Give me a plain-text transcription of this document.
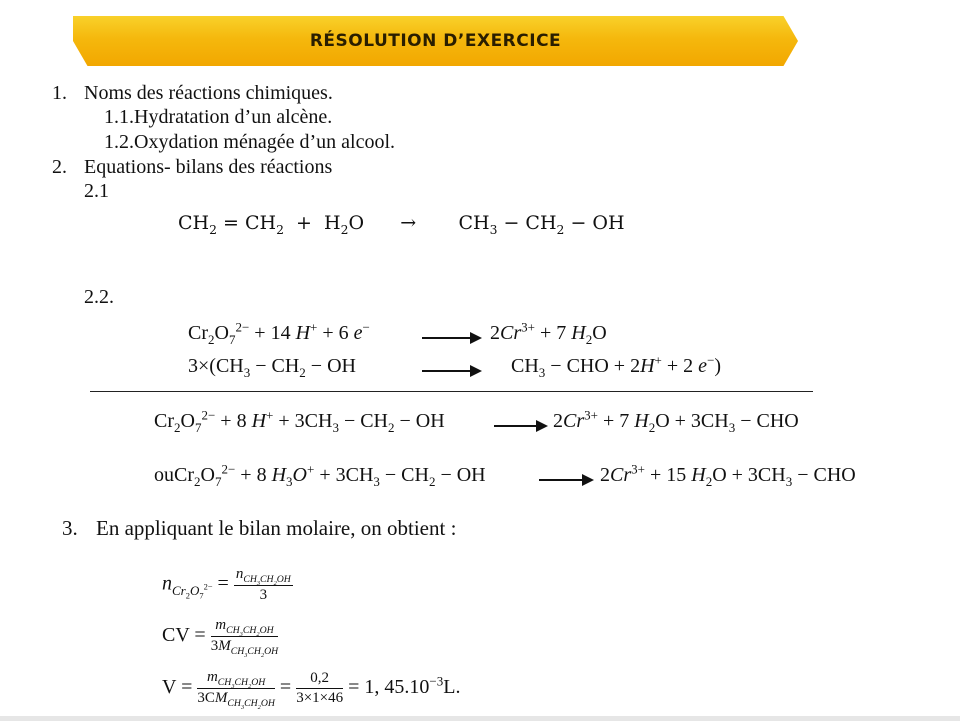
RÉSOLUTION D’EXERCICE
1. Noms des réactions chimiques.
1.1.Hydratation d’un alcène.
1.2.Oxydation ménagée d’un alcool.
2. Equations- bilans des réactions
2.1
$CH_2 = CH_2 + H_2O$      →       $CH_3 - CH_2$ − OH
2.2.
$Cr_2O_7^{2-} + 14$ H+ + 6 $e^- \to 2Cr^{3+} + 7$ $H_2O$
$3\times(CH_3 - CH_2$ − OH	$CH_3$ − CHO + 2H+ + 2 e−)
$Cr_2O_7^{2-} + 8$ $H^+ + 3CH_3 - CH_2$ − OH	→ $2Cr^{3+} + 7$ $H_2O + 3CH_3$ − CHO
$ouCr_2O_7^{2-} + 8$ $H_3O^+ + 3CH_3 - CH_2$ − OH	→ $2Cr^{3+} + 15$ $H_2O + 3CH_3$ − CHO
3. En appliquant le bilan molaire, on obtient :
$n_{Cr_2O_7^{2-}} = \frac{n_{CH_3CH_2OH}}{3}$
CV = $\frac{m_{CH_3CH_2OH}}{3M_{CH_3CH_2OH}}$
$V = \frac{m_{CH_3CH_2OH}}{3CM_{CH_3CH_2OH}} = \frac{0,2}{3\times 1\times 46} = 1$, $45.10^{-3}L$.
